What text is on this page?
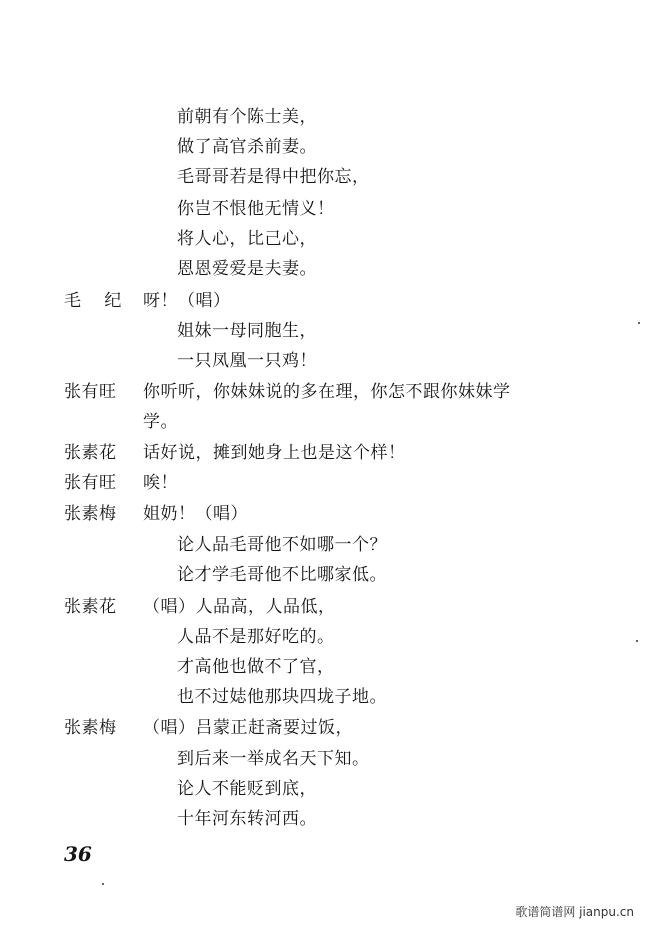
前朝有个陈士美，
做了高官杀前妻。
毛哥哥若是得中把你忘，
你岂不恨他无情义！
将人心，比己心，
恩恩爱爱是夫妻。
毛 纪 呀！（唱）
姐妹一母同胞生，
一只凤凰一只鸡！
张有旺	你听听，你妹妹说的多在理，你怎不跟你妹妹学
学。
张素花	话好说，摊到她身上也是这个样！
张有旺	唉！
张素梅	姐奶！（唱）
论人品毛哥他不如哪一个？
论才学毛哥他不比哪家低。
张素花	（唱）人品高，人品低，
人品不是那好吃的。
才高他也做不了官，
也不过娡他那块四垅子地。
张素梅	（唱）吕蒙正赶斋要过饭，
到后来一举成名天下知。
论人不能贬到底，
十年河东转河西。
36
歌谱简谱网 jianpu.cn
